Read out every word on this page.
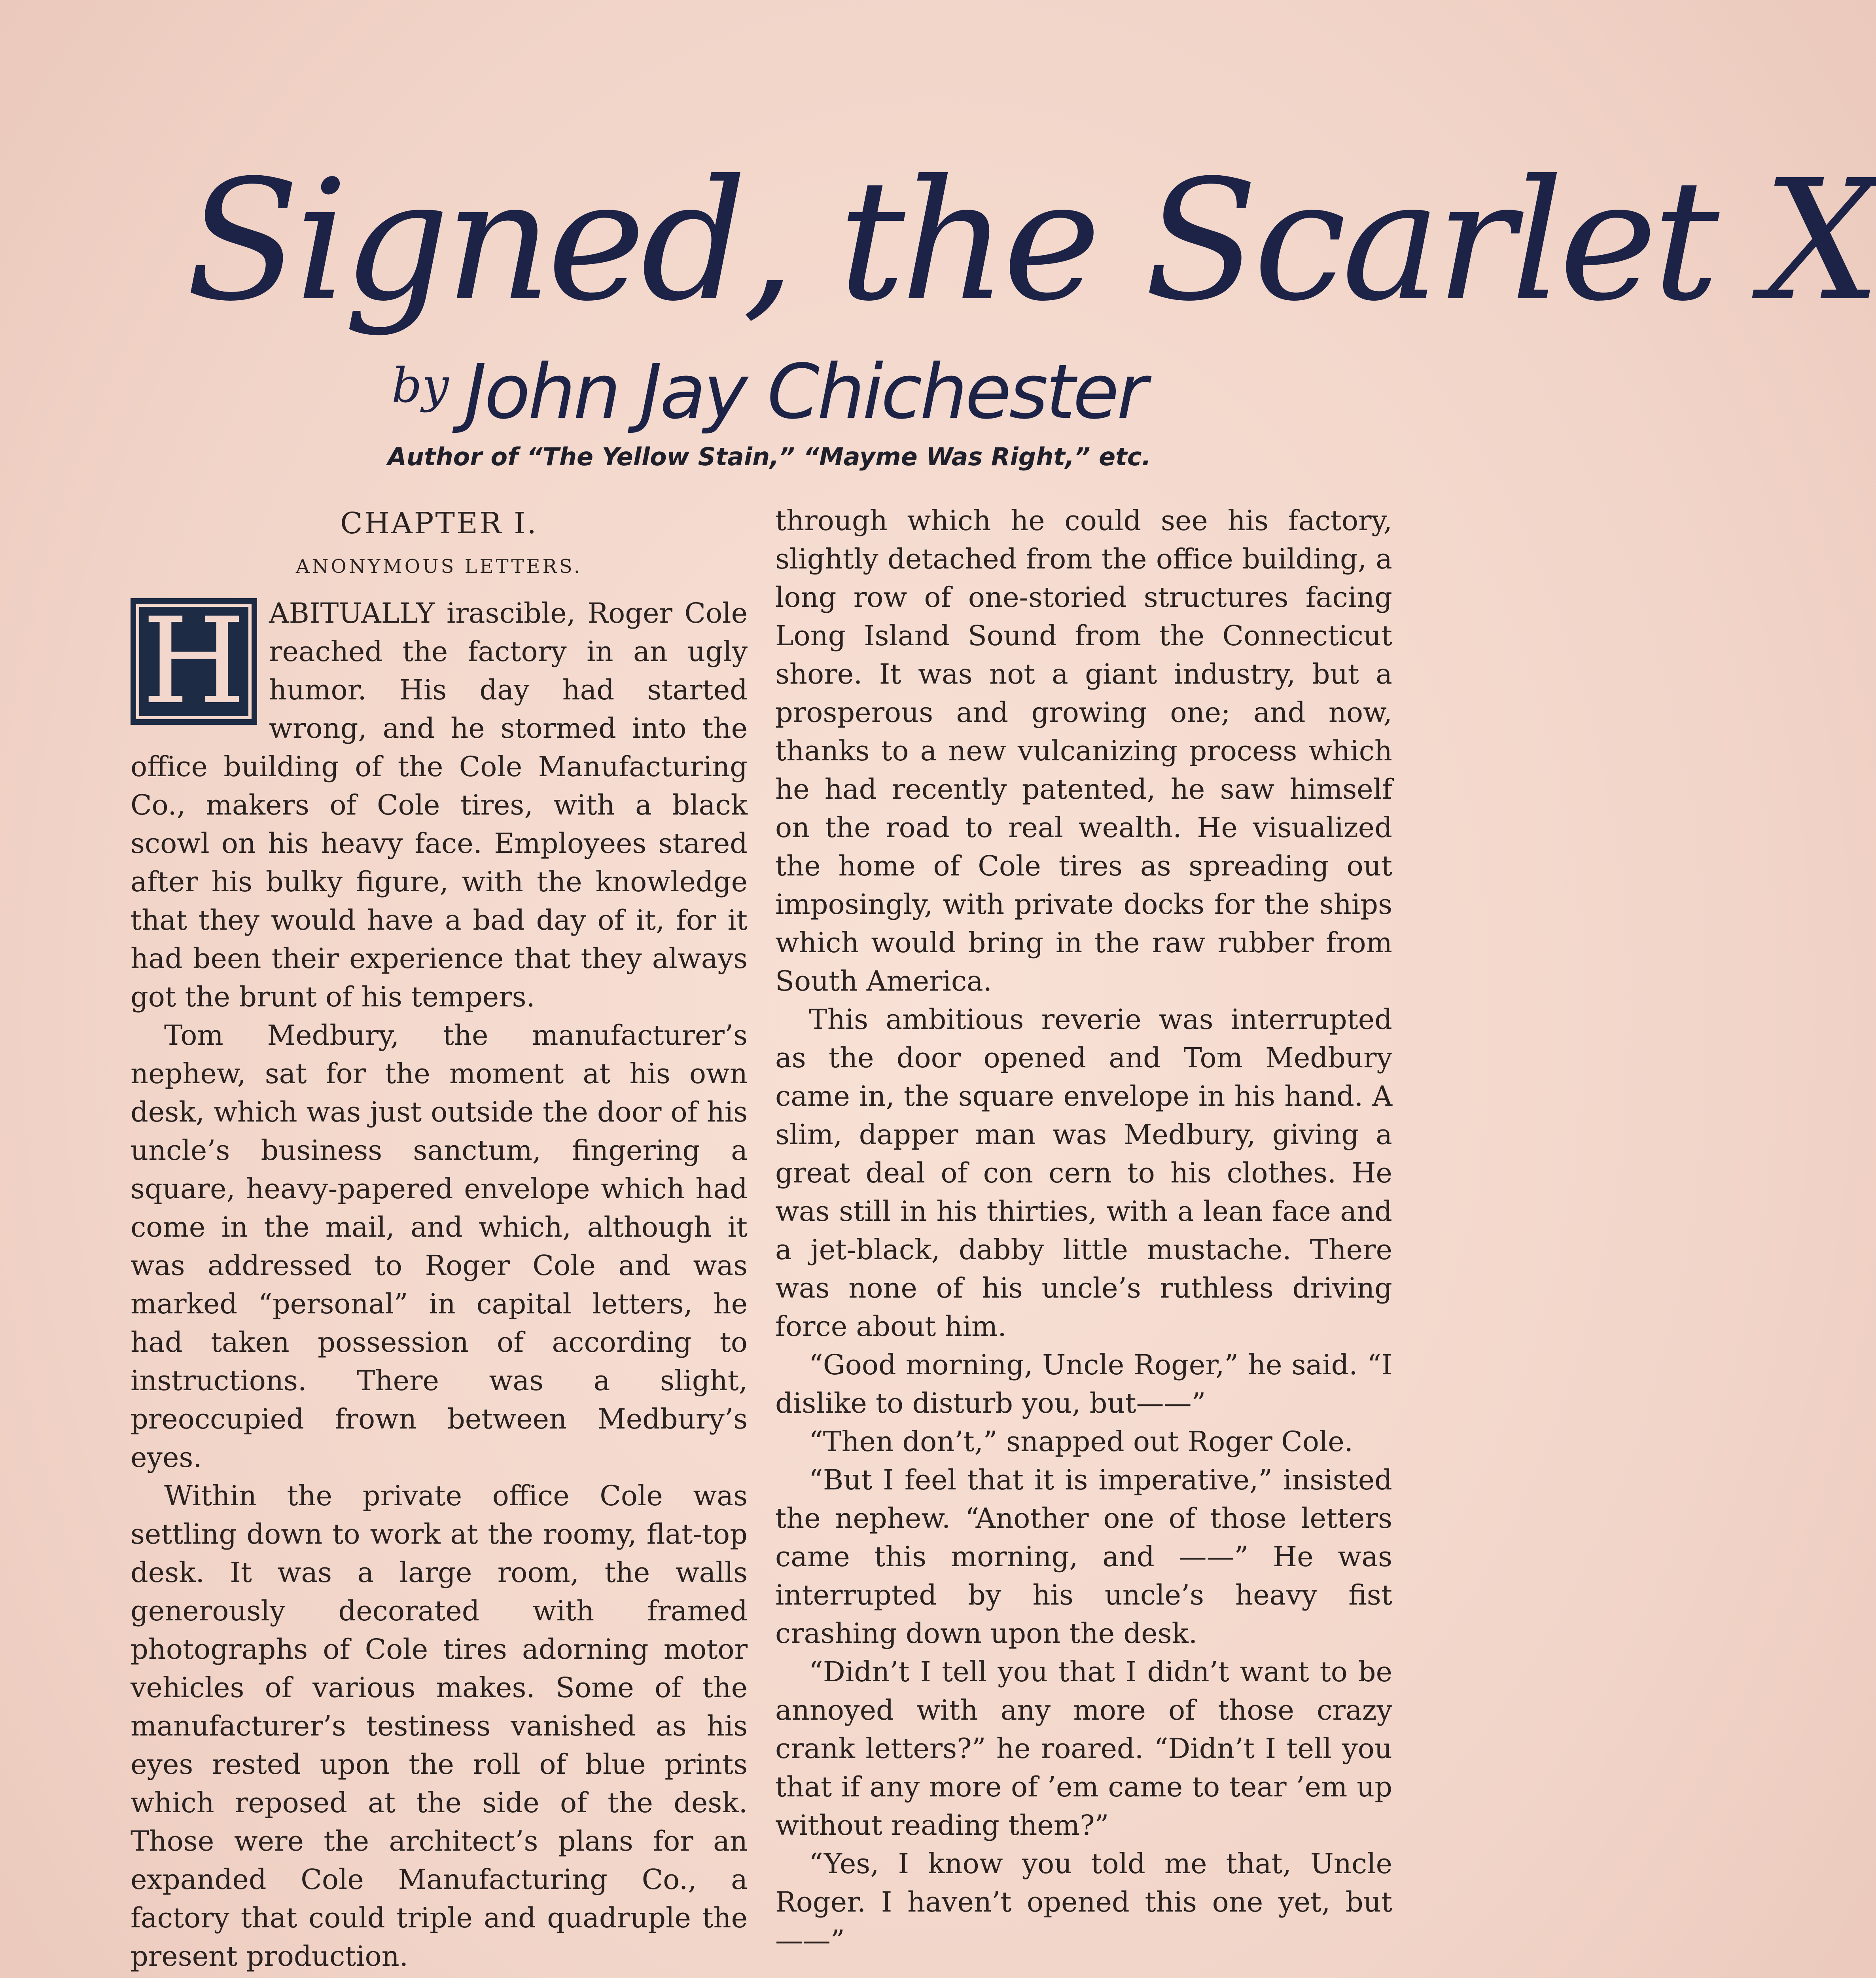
Signed, the Scarlet X
by John Jay Chichester
Author of “The Yellow Stain,” “Mayme Was Right,” etc.
CHAPTER I.
ANONYMOUS LETTERS.
H ABITUALLY irascible, Roger Cole reached the factory in an ugly humor. His day had started wrong, and he stormed into the office building of the Cole Manufacturing Co., makers of Cole tires, with a black scowl on his heavy face. Employees stared after his bulky figure, with the knowledge that they would have a bad day of it, for it had been their experience that they always got the brunt of his tempers.

Tom Medbury, the manufacturer’s nephew, sat for the moment at his own desk, which was just outside the door of his uncle’s business sanctum, fingering a square, heavy-papered envelope which had come in the mail, and which, although it was addressed to Roger Cole and was marked “personal” in capital letters, he had taken possession of according to instructions. There was a slight, preoccupied frown between Medbury’s eyes.

Within the private office Cole was settling down to work at the roomy, flat-top desk. It was a large room, the walls generously decorated with framed photographs of Cole tires adorning motor vehicles of various makes. Some of the manufacturer’s testiness vanished as his eyes rested upon the roll of blue prints which reposed at the side of the desk. Those were the architect’s plans for an expanded Cole Manufacturing Co., a factory that could triple and quadruple the present production.

through which he could see his factory, slightly detached from the office building, a long row of one-storied structures facing Long Island Sound from the Connecticut shore. It was not a giant industry, but a prosperous and growing one; and now, thanks to a new vulcanizing process which he had recently patented, he saw himself on the road to real wealth. He visualized the home of Cole tires as spreading out imposingly, with private docks for the ships which would bring in the raw rubber from South America.

This ambitious reverie was interrupted as the door opened and Tom Medbury came in, the square envelope in his hand. A slim, dapper man was Medbury, giving a great deal of con cern to his clothes. He was still in his thirties, with a lean face and a jet-black, dabby little mustache. There was none of his uncle’s ruthless driving force about him.

“Good morning, Uncle Roger,” he said. “I dislike to disturb you, but——”

“Then don’t,” snapped out Roger Cole.

“But I feel that it is imperative,” insisted the nephew. “Another one of those letters came this morning, and ——” He was interrupted by his uncle’s heavy fist crashing down upon the desk.

“Didn’t I tell you that I didn’t want to be annoyed with any more of those crazy crank letters?” he roared. “Didn’t I tell you that if any more of ’em came to tear ’em up without reading them?”

“Yes, I know you told me that, Uncle Roger. I haven’t opened this one yet, but——”
